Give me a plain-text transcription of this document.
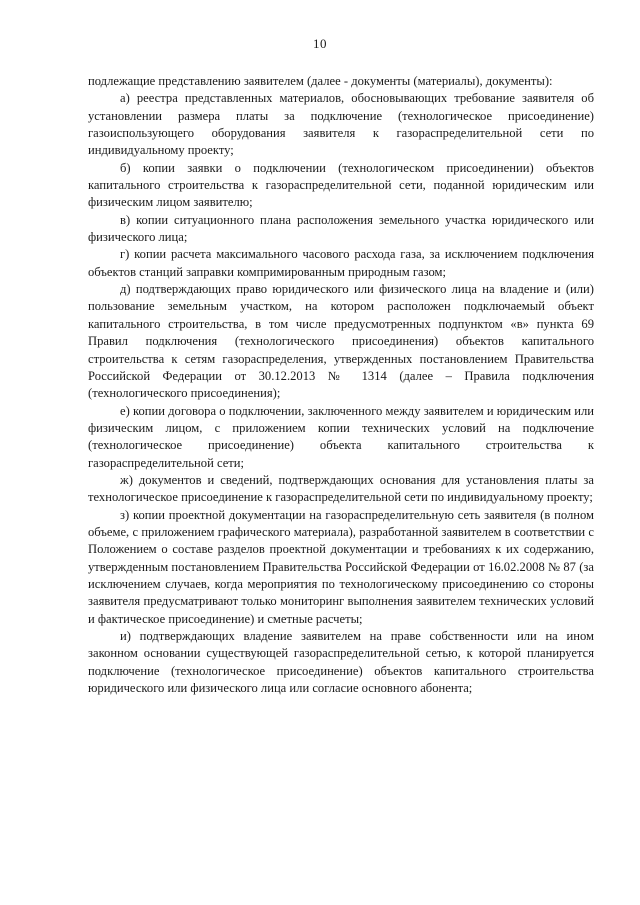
10

подлежащие представлению заявителем (далее - документы (материалы), документы):

а) реестра представленных материалов, обосновывающих требование заявителя об установлении размера платы за подключение (технологическое присоединение) газоиспользующего оборудования заявителя к газораспределительной сети по индивидуальному проекту;

б) копии заявки о подключении (технологическом присоединении) объектов капитального строительства к газораспределительной сети, поданной юридическим или физическим лицом заявителю;

в) копии ситуационного плана расположения земельного участка юридического или физического лица;

г) копии расчета максимального часового расхода газа, за исключением подключения объектов станций заправки компримированным природным газом;

д) подтверждающих право юридического или физического лица на владение и (или) пользование земельным участком, на котором расположен подключаемый объект капитального строительства, в том числе предусмотренных подпунктом «в» пункта 69 Правил подключения (технологического присоединения) объектов капитального строительства к сетям газораспределения, утвержденных постановлением Правительства Российской Федерации от 30.12.2013 № 1314 (далее – Правила подключения (технологического присоединения);

е) копии договора о подключении, заключенного между заявителем и юридическим или физическим лицом, с приложением копии технических условий на подключение (технологическое присоединение) объекта капитального строительства к газораспределительной сети;

ж) документов и сведений, подтверждающих основания для установления платы за технологическое присоединение к газораспределительной сети по индивидуальному проекту;

з) копии проектной документации на газораспределительную сеть заявителя (в полном объеме, с приложением графического материала), разработанной заявителем в соответствии с Положением о составе разделов проектной документации и требованиях к их содержанию, утвержденным постановлением Правительства Российской Федерации от 16.02.2008 № 87 (за исключением случаев, когда мероприятия по технологическому присоединению со стороны заявителя предусматривают только мониторинг выполнения заявителем технических условий и фактическое присоединение) и сметные расчеты;

и) подтверждающих владение заявителем на праве собственности или на ином законном основании существующей газораспределительной сетью, к которой планируется подключение (технологическое присоединение) объектов капитального строительства юридического или физического лица или согласие основного абонента;
